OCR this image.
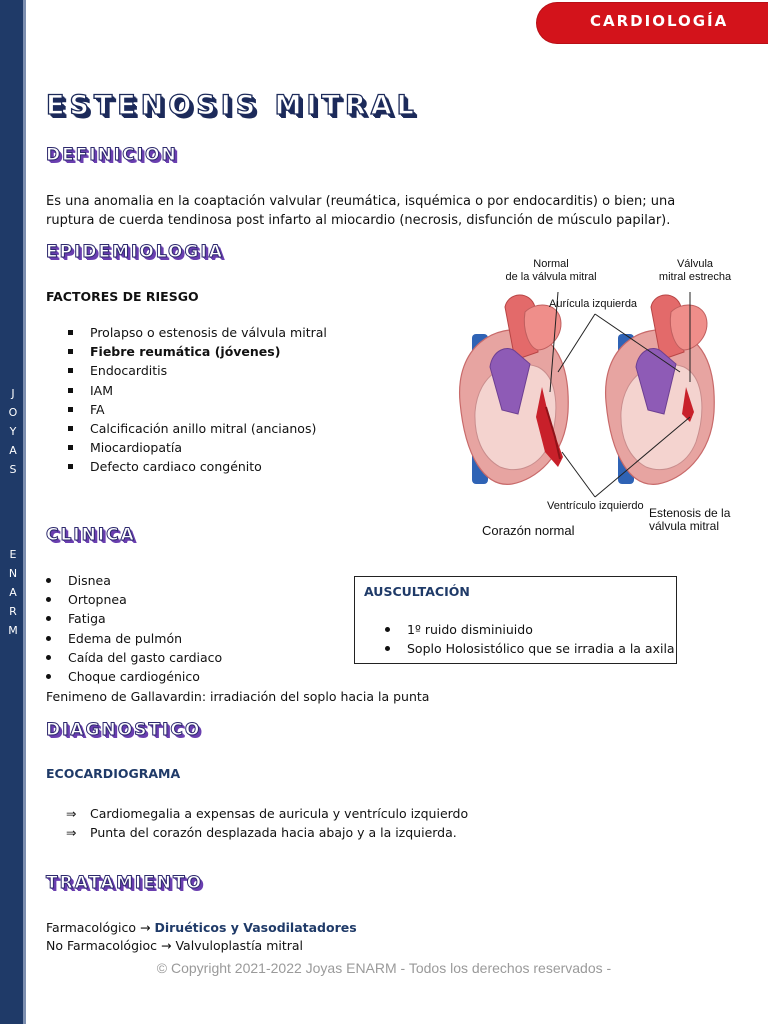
J
O
Y
A
S
E
N
A
R
M
CARDIOLOGÍA
ESTENOSIS MITRAL
DEFINICION
Es una anomalia en la coaptación valvular (reumática, isquémica o por endocarditis) o bien; una ruptura de cuerda tendinosa post infarto al miocardio (necrosis, disfunción de músculo papilar).
EPIDEMIOLOGIA
FACTORES DE RIESGO
Prolapso o estenosis de válvula mitral
Fiebre reumática (jóvenes)
Endocarditis
IAM
FA
Calcificación anillo mitral (ancianos)
Miocardiopatía
Defecto cardiaco congénito
Normal
de la válvula mitral
Válvula
mitral estrecha
Aurícula izquierda
Ventrículo izquierdo Estenosis de la
válvula mitral
Corazón normal
CLINICA
Disnea
Ortopnea
Fatiga
Edema de pulmón
Caída del gasto cardiaco
Choque cardiogénico
Fenimeno de Gallavardin: irradiación del soplo hacia la punta
AUSCULTACIÓN
1º ruido disminiuido
Soplo Holosistólico que se irradia a la axila
DIAGNOSTICO
ECOCARDIOGRAMA
⇒ Cardiomegalia a expensas de auricula y ventrículo izquierdo
⇒ Punta del corazón desplazada hacia abajo y a la izquierda.
TRATAMIENTO
Farmacológico → Diruéticos y Vasodilatadores
No Farmacológioc → Valvuloplastía mitral
© Copyright 2021-2022 Joyas ENARM - Todos los derechos reservados -
